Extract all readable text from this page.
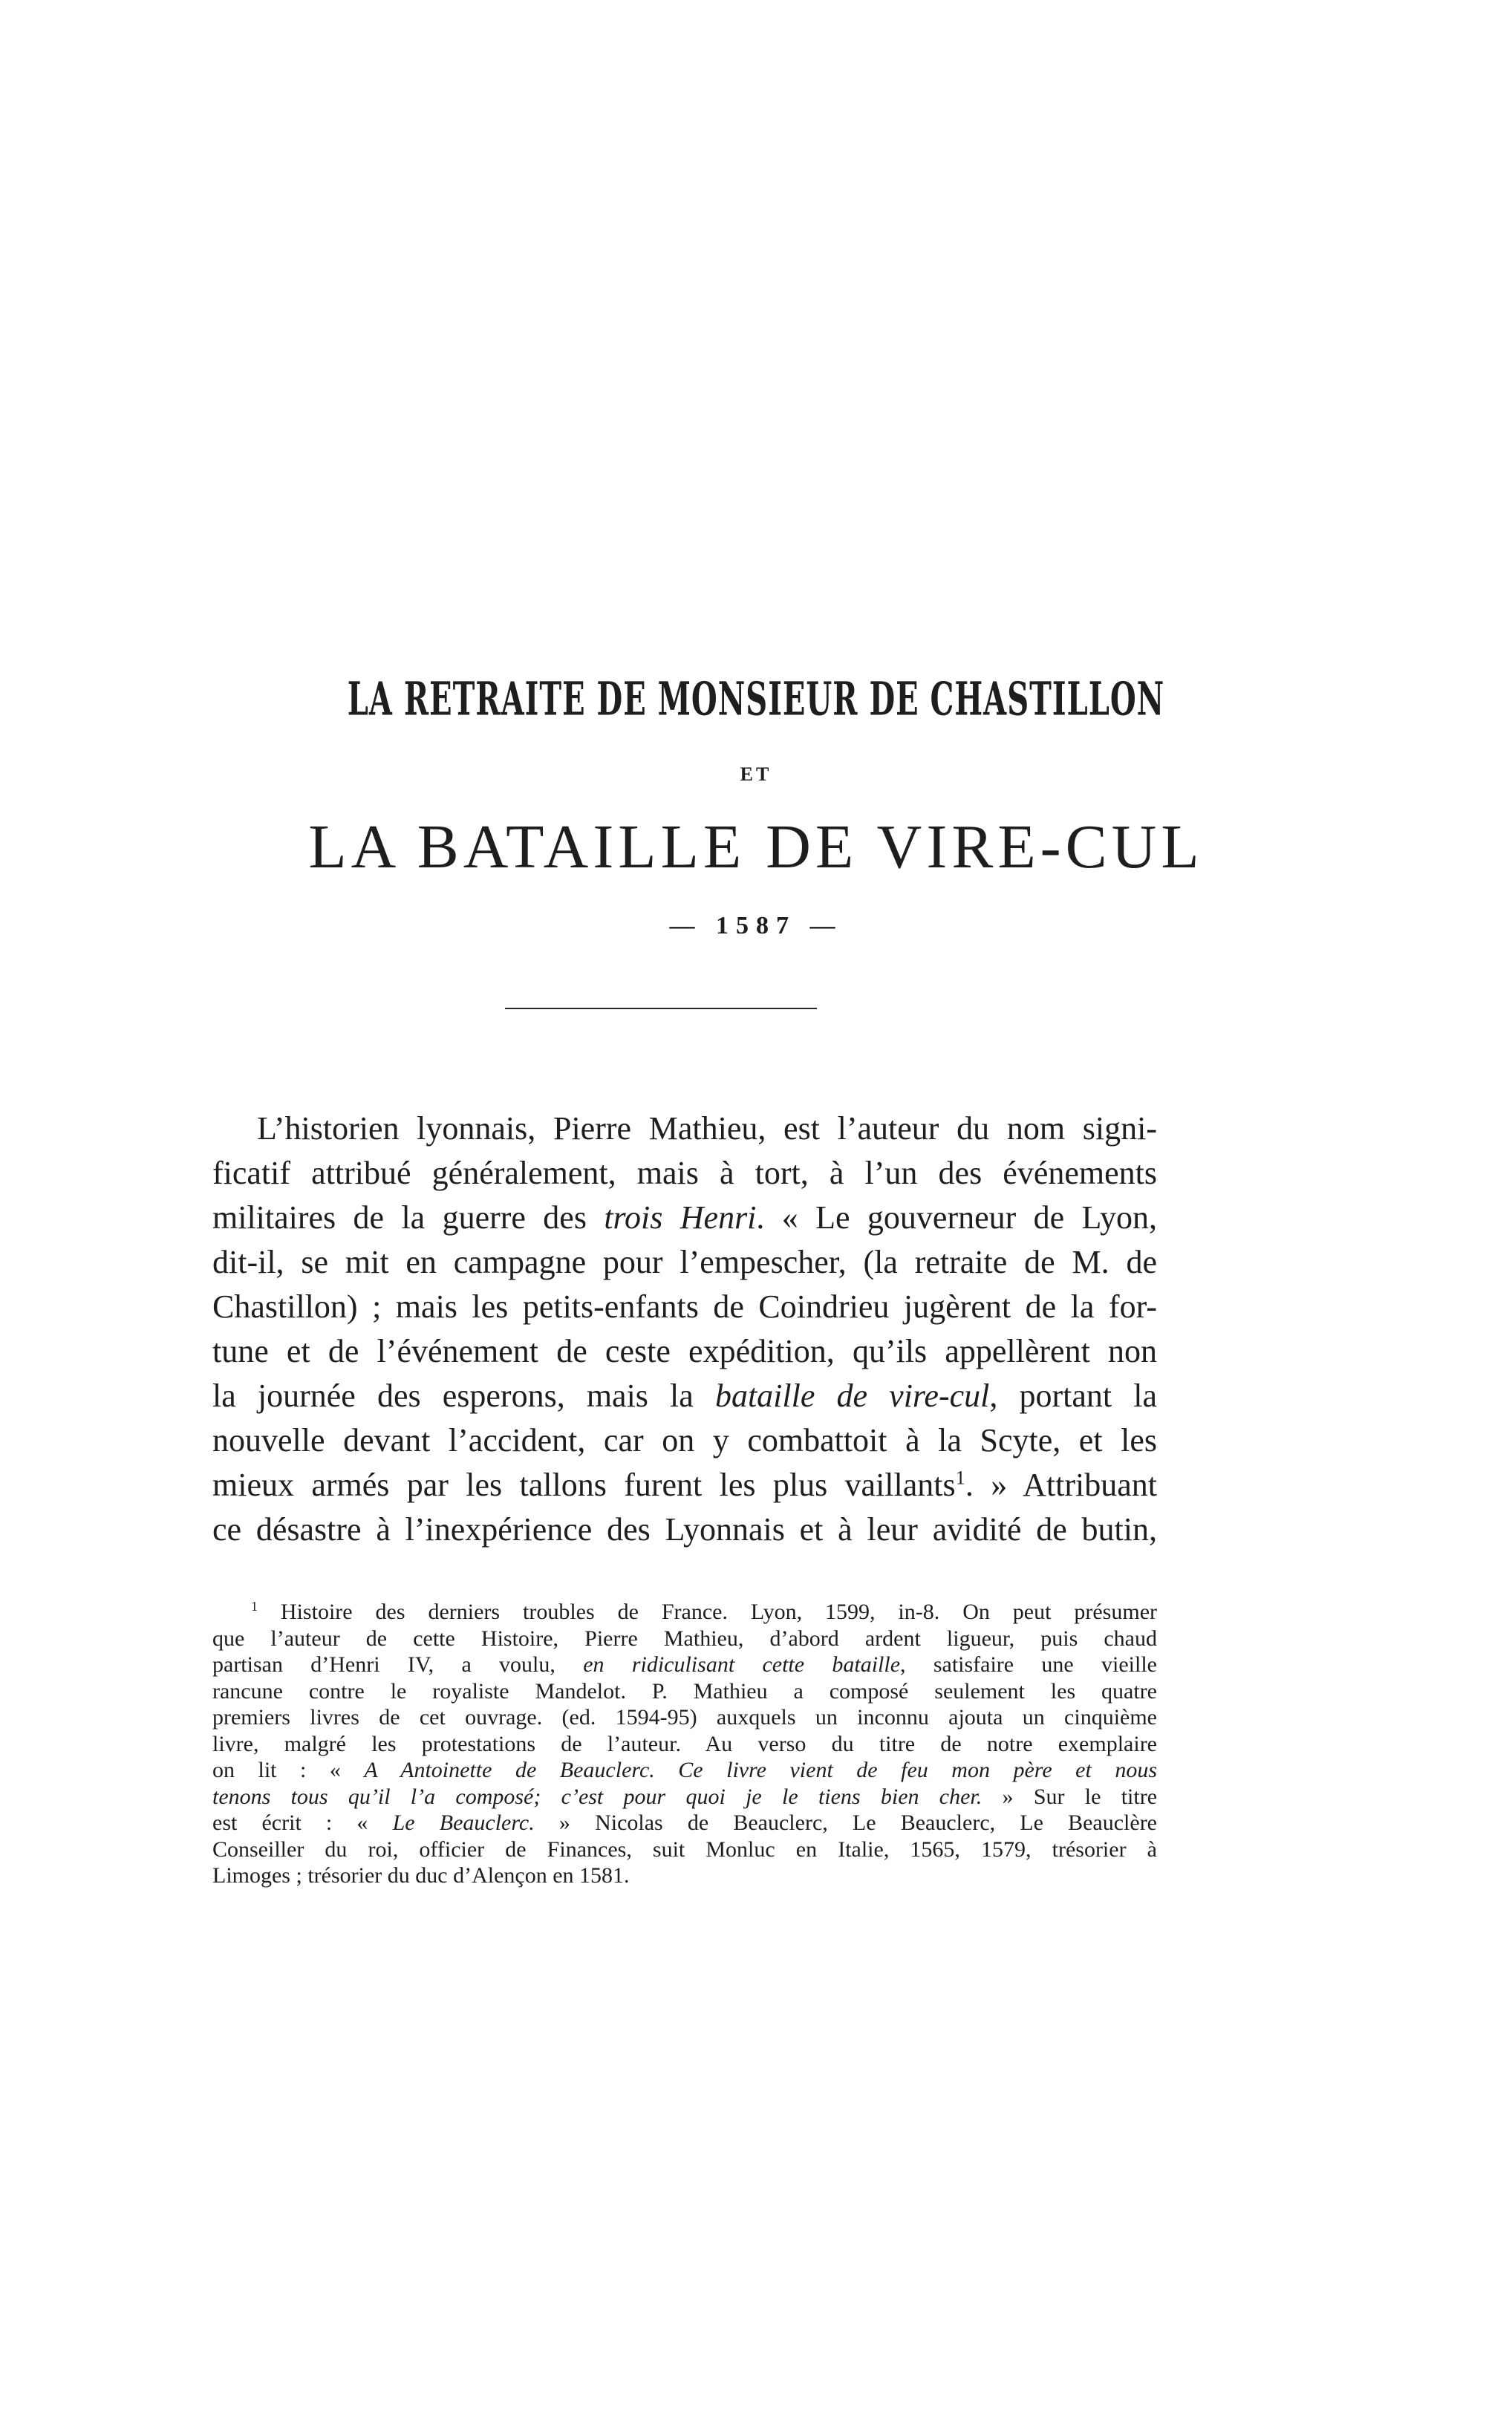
LA RETRAITE DE MONSIEUR DE CHASTILLON
ET
LA BATAILLE DE VIRE-CUL
— 1587 —
L’historien lyonnais, Pierre Mathieu, est l’auteur du nom signi-
ficatif attribué généralement, mais à tort, à l’un des événements
militaires de la guerre des trois Henri. « Le gouverneur de Lyon,
dit-il, se mit en campagne pour l’empescher, (la retraite de M. de
Chastillon) ; mais les petits-enfants de Coindrieu jugèrent de la for-
tune et de l’événement de ceste expédition, qu’ils appellèrent non
la journée des esperons, mais la bataille de vire-cul, portant la
nouvelle devant l’accident, car on y combattoit à la Scyte, et les
mieux armés par les tallons furent les plus vaillants$^1$. » Attribuant
ce désastre à l’inexpérience des Lyonnais et à leur avidité de butin,
$^1$ Histoire des derniers troubles de France. Lyon, 1599, in-8. On peut présumer
que l’auteur de cette Histoire, Pierre Mathieu, d’abord ardent ligueur, puis chaud
partisan d’Henri IV, a voulu, en ridiculisant cette bataille, satisfaire une vieille
rancune contre le royaliste Mandelot. P. Mathieu a composé seulement les quatre
premiers livres de cet ouvrage. (ed. 1594-95) auxquels un inconnu ajouta un cinquième
livre, malgré les protestations de l’auteur. Au verso du titre de notre exemplaire
on lit : « A Antoinette de Beauclerc. Ce livre vient de feu mon père et nous
tenons tous qu’il l’a composé; c’est pour quoi je le tiens bien cher. » Sur le titre
est écrit : « Le Beauclerc. » Nicolas de Beauclerc, Le Beauclerc, Le Beauclère
Conseiller du roi, officier de Finances, suit Monluc en Italie, 1565, 1579, trésorier à
Limoges ; trésorier du duc d’Alençon en 1581.
